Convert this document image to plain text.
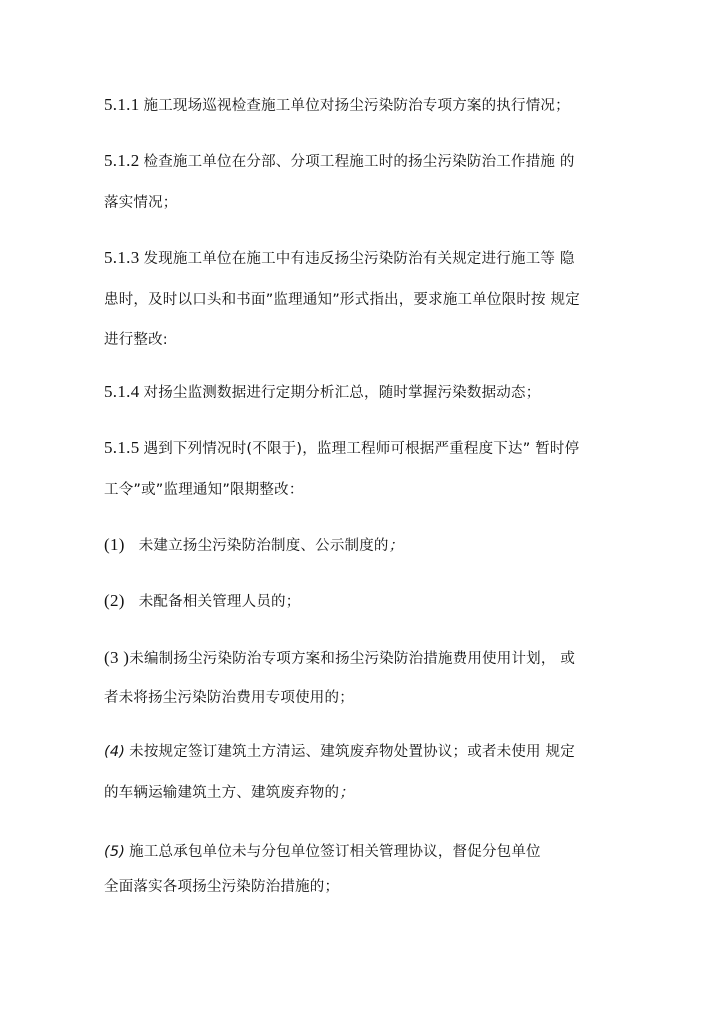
5.1.1 施工现场巡视检查施工单位对扬尘污染防治专项方案的执行情况；
5.1.2 检查施工单位在分部、分项工程施工时的扬尘污染防治工作措施 的
落实情况；
5.1.3 发现施工单位在施工中有违反扬尘污染防治有关规定进行施工等 隐
患时，及时以口头和书面”监理通知”形式指出，要求施工单位限时按 规定
进行整改:
5.1.4 对扬尘监测数据进行定期分析汇总，随时掌握污染数据动态；
5.1.5 遇到下列情况时(不限于)，监理工程师可根据严重程度下达” 暂时停
工令”或”监理通知”限期整改：
(1) 未建立扬尘污染防治制度、公示制度的；
(2) 未配备相关管理人员的；
(3 )未编制扬尘污染防治专项方案和扬尘污染防治措施费用使用计划， 或
者未将扬尘污染防治费用专项使用的；
(4) 未按规定签订建筑土方清运、建筑废弃物处置协议；或者未使用 规定
的车辆运输建筑土方、建筑废弃物的；
(5) 施工总承包单位未与分包单位签订相关管理协议，督促分包单位
全面落实各项扬尘污染防治措施的；
